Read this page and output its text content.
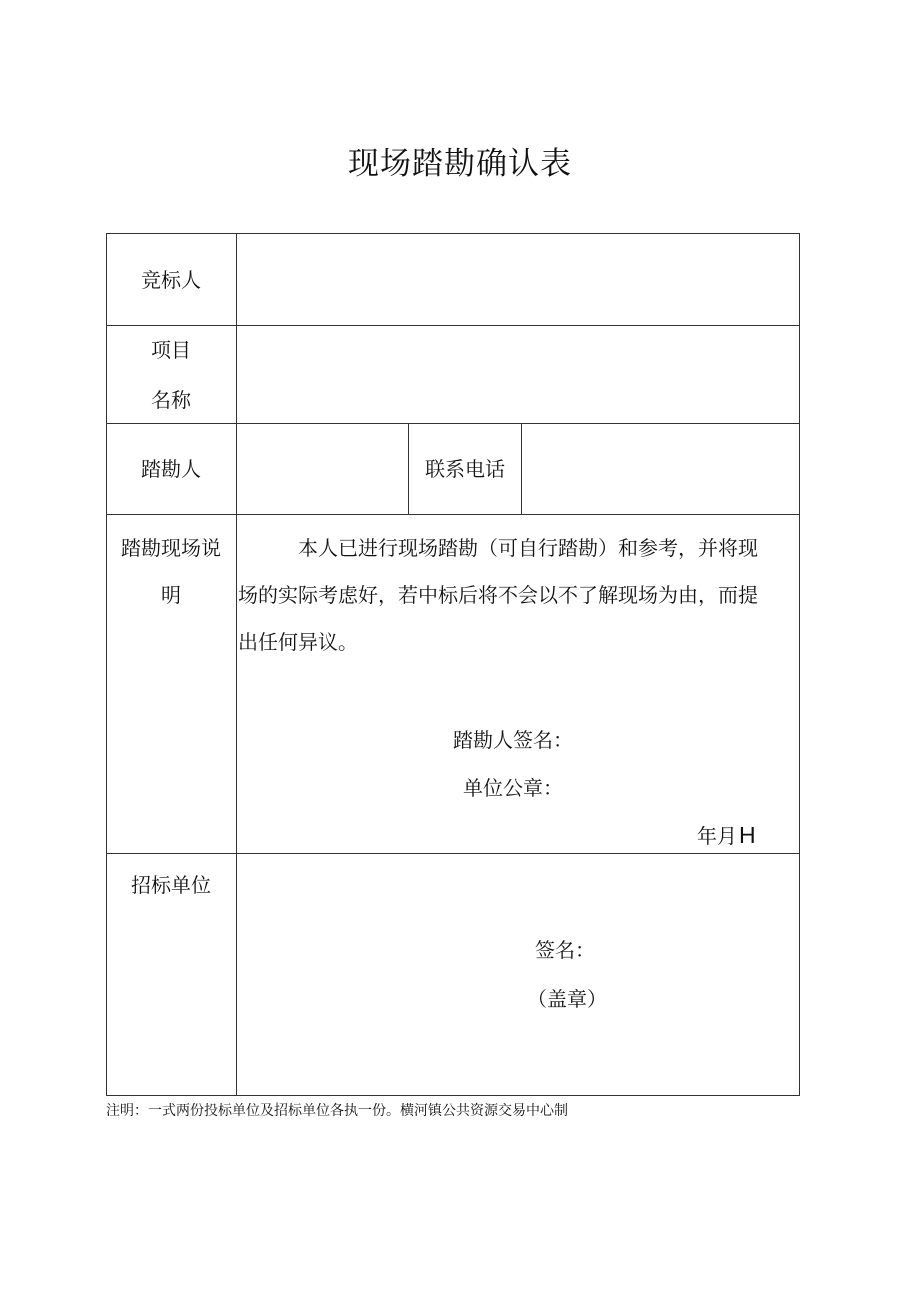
现场踏勘确认表
竞标人
项目
名称
踏勘人	联系电话
踏勘现场说
明
本人已进行现场踏勘（可自行踏勘）和参考，并将现
场的实际考虑好，若中标后将不会以不了解现场为由，而提
出任何异议。
踏勘人签名：
单位公章：
年月H
招标单位
签名：
（盖章）
注明：一式两份投标单位及招标单位各执一份。横河镇公共资源交易中心制
